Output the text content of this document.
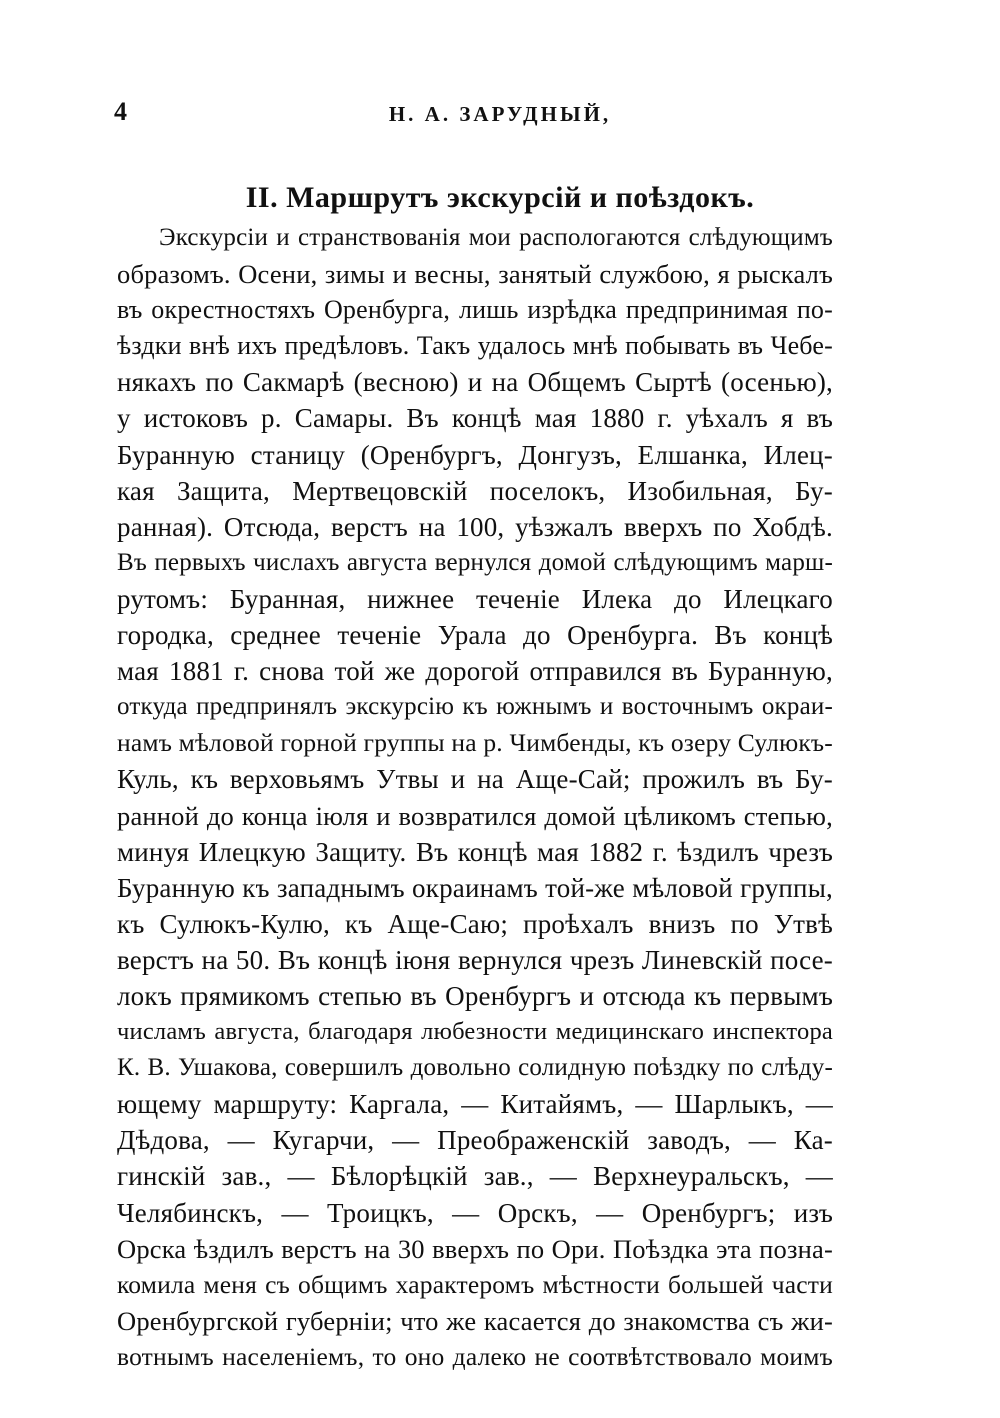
4	Н. А. ЗАРУДНЫЙ,
II. Маршрутъ экскурсій и поѣздокъ.
Экскурсіи и странствованія мои распологаются слѣдующимъ
образомъ. Осени, зимы и весны, занятый службою, я рыскалъ
въ окрестностяхъ Оренбурга, лишь изрѣдка предпринимая по-
ѣздки внѣ ихъ предѣловъ. Такъ удалось мнѣ побывать въ Чебе-
някахъ по Сакмарѣ (весною) и на Общемъ Сыртѣ (осенью),
у истоковъ р. Самары. Въ концѣ мая 1880 г. уѣхалъ я въ
Буранную станицу (Оренбургъ, Донгузъ, Елшанка, Илец-
кая Защита, Мертвецовскій поселокъ, Изобильная, Бу-
ранная). Отсюда, верстъ на 100, уѣзжалъ вверхъ по Хобдѣ.
Въ первыхъ числахъ августа вернулся домой слѣдующимъ марш-
рутомъ: Буранная, нижнее теченіе Илека до Илецкаго
городка, среднее теченіе Урала до Оренбурга. Въ концѣ
мая 1881 г. снова той же дорогой отправился въ Буранную,
откуда предпринялъ экскурсію къ южнымъ и восточнымъ окраи-
намъ мѣловой горной группы на р. Чимбенды, къ озеру Сулюкъ-
Куль, къ верховьямъ Утвы и на Аще-Сай; прожилъ въ Бу-
ранной до конца іюля и возвратился домой цѣликомъ степью,
минуя Илецкую Защиту. Въ концѣ мая 1882 г. ѣздилъ чрезъ
Буранную къ западнымъ окраинамъ той-же мѣловой группы,
къ Сулюкъ-Кулю, къ Аще-Саю; проѣхалъ внизъ по Утвѣ
верстъ на 50. Въ концѣ іюня вернулся чрезъ Линевскій посе-
локъ прямикомъ степью въ Оренбургъ и отсюда къ первымъ
числамъ августа, благодаря любезности медицинскаго инспектора
К. В. Ушакова, совершилъ довольно солидную поѣздку по слѣду-
ющему маршруту: Каргала, — Китайямъ, — Шарлыкъ, —
Дѣдова, — Кугарчи, — Преображенскій заводъ, — Ка-
гинскій зав., — Бѣлорѣцкій зав., — Верхнеуральскъ, —
Челябинскъ, — Троицкъ, — Орскъ, — Оренбургъ; изъ
Орска ѣздилъ верстъ на 30 вверхъ по Ори. Поѣздка эта позна-
комила меня съ общимъ характеромъ мѣстности большей части
Оренбургской губерніи; что же касается до знакомства съ жи-
вотнымъ населеніемъ, то оно далеко не соотвѣтствовало моимъ
